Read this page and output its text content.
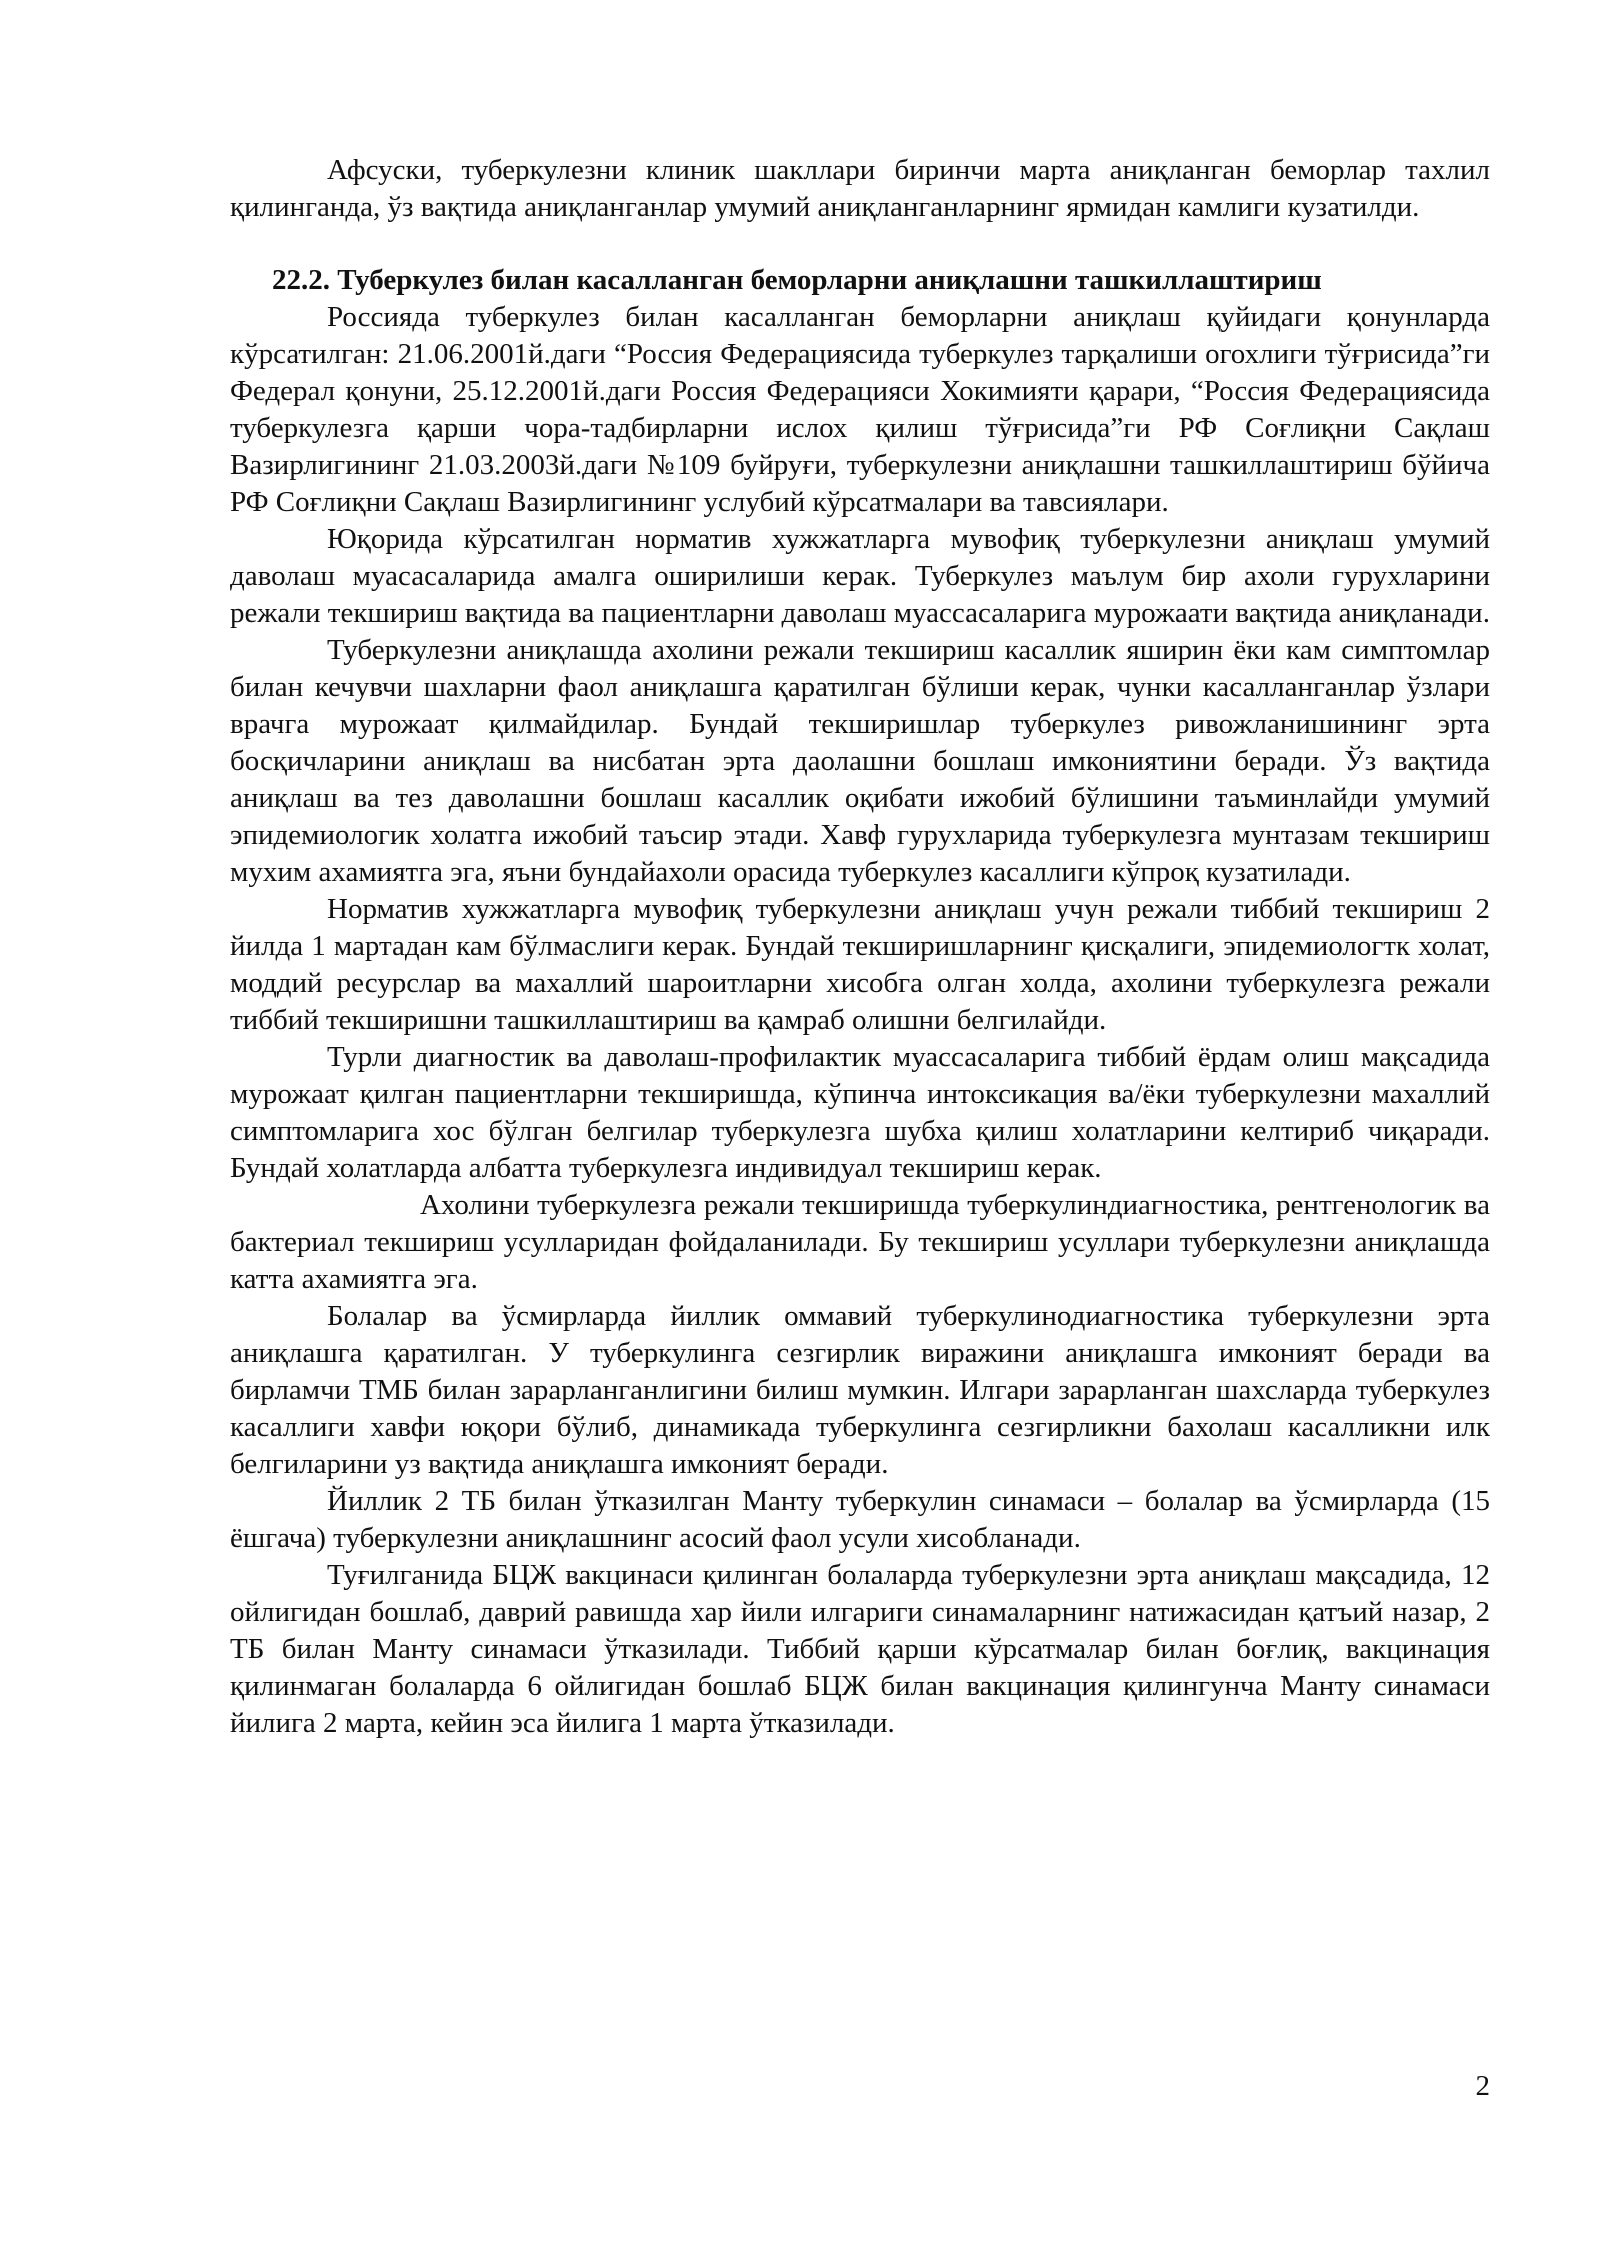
Афсуски, туберкулезни клиник шакллари биринчи марта аниқланган беморлар тахлил қилинганда, ўз вақтида аниқланганлар умумий аниқланганларнинг ярмидан камлиги кузатилди.

22.2. Туберкулез билан касалланган беморларни аниқлашни ташкиллаштириш

Россияда туберкулез билан касалланган беморларни аниқлаш қуйидаги қонунларда кўрсатилган: 21.06.2001й.даги “Россия Федерациясида туберкулез тарқалиши огохлиги тўғрисида”ги Федерал қонуни, 25.12.2001й.даги Россия Федерацияси Хокимияти қарари, “Россия Федерациясида туберкулезга қарши чора-тадбирларни ислох қилиш тўғрисида”ги РФ Соғлиқни Сақлаш Вазирлигининг 21.03.2003й.даги №109 буйруғи, туберкулезни аниқлашни ташкиллаштириш бўйича РФ Соғлиқни Сақлаш Вазирлигининг услубий кўрсатмалари ва тавсиялари.

Юқорида кўрсатилган норматив хужжатларга мувофиқ туберкулезни аниқлаш умумий даволаш муасасаларида амалга оширилиши керак. Туберкулез маълум бир ахоли гурухларини режали текшириш вақтида ва пациентларни даволаш муассасаларига мурожаати вақтида аниқланади.

Туберкулезни аниқлашда ахолини режали текшириш касаллик яширин ёки кам симптомлар билан кечувчи шахларни фаол аниқлашга қаратилган бўлиши керак, чунки касалланганлар ўзлари врачга мурожаат қилмайдилар. Бундай текширишлар туберкулез ривожланишининг эрта босқичларини аниқлаш ва нисбатан эрта даолашни бошлаш имкониятини беради. Ўз вақтида аниқлаш ва тез даволашни бошлаш касаллик оқибати ижобий бўлишини таъминлайди умумий эпидемиологик холатга ижобий таъсир этади. Хавф гурухларида туберкулезга мунтазам текшириш мухим ахамиятга эга, яъни бундайахоли орасида туберкулез касаллиги кўпроқ кузатилади.

Норматив хужжатларга мувофиқ туберкулезни аниқлаш учун режали тиббий текшириш 2 йилда 1 мартадан кам бўлмаслиги керак. Бундай текширишларнинг қисқалиги, эпидемиологтк холат, моддий ресурслар ва махаллий шароитларни хисобга олган холда, ахолини туберкулезга режали тиббий текширишни ташкиллаштириш ва қамраб олишни белгилайди.

Турли диагностик ва даволаш-профилактик муассасаларига тиббий ёрдам олиш мақсадида мурожаат қилган пациентларни текширишда, кўпинча интоксикация ва/ёки туберкулезни махаллий симптомларига хос бўлган белгилар туберкулезга шубха қилиш холатларини келтириб чиқаради. Бундай холатларда албатта туберкулезга индивидуал текшириш керак.

Ахолини туберкулезга режали текширишда туберкулиндиагностика, рентгенологик ва бактериал текшириш усулларидан фойдаланилади. Бу текшириш усуллари туберкулезни аниқлашда катта ахамиятга эга.

Болалар ва ўсмирларда йиллик оммавий туберкулинодиагностика туберкулезни эрта аниқлашга қаратилган. У туберкулинга сезгирлик виражини аниқлашга имконият беради ва бирламчи ТМБ билан зарарланганлигини билиш мумкин. Илгари зарарланган шахсларда туберкулез касаллиги хавфи юқори бўлиб, динамикада туберкулинга сезгирликни бахолаш касалликни илк белгиларини уз вақтида аниқлашга имконият беради.

Йиллик 2 ТБ билан ўтказилган Манту туберкулин синамаси – болалар ва ўсмирларда (15 ёшгача) туберкулезни аниқлашнинг асосий фаол усули хисобланади.

Туғилганида БЦЖ вакцинаси қилинган болаларда туберкулезни эрта аниқлаш мақсадида, 12 ойлигидан бошлаб, даврий равишда хар йили илгариги синамаларнинг натижасидан қатъий назар, 2 ТБ билан Манту синамаси ўтказилади. Тиббий қарши кўрсатмалар билан боғлиқ, вакцинация қилинмаган болаларда 6 ойлигидан бошлаб БЦЖ билан вакцинация қилингунча Манту синамаси йилига 2 марта, кейин эса йилига 1 марта ўтказилади.

2
